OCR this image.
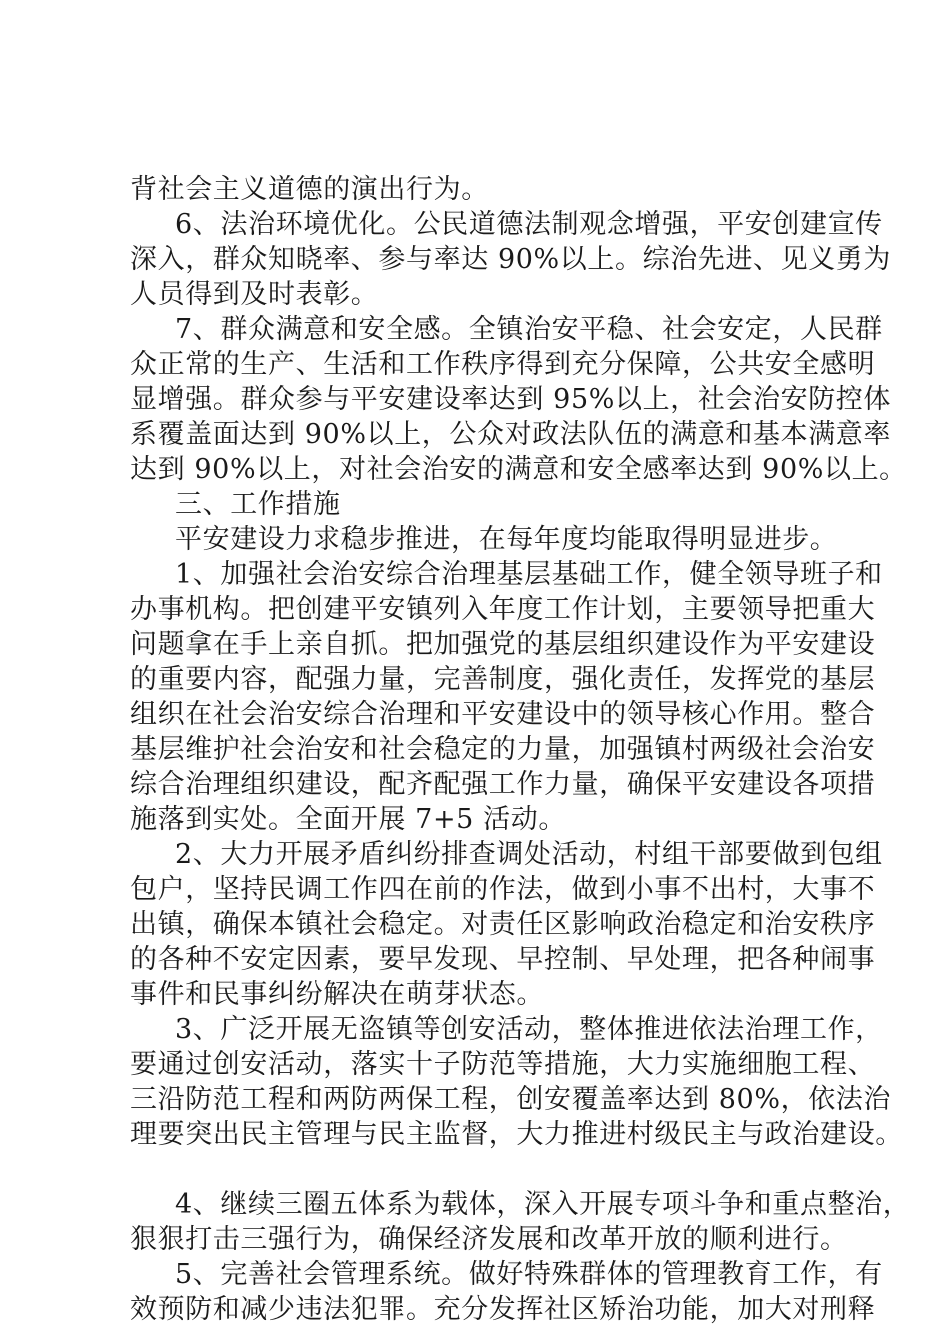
背社会主义道德的演出行为。
6、法治环境优化。公民道德法制观念增强，平安创建宣传
深入，群众知晓率、参与率达 90%以上。综治先进、见义勇为
人员得到及时表彰。
7、群众满意和安全感。全镇治安平稳、社会安定，人民群
众正常的生产、生活和工作秩序得到充分保障，公共安全感明
显增强。群众参与平安建设率达到 95%以上，社会治安防控体
系覆盖面达到 90%以上，公众对政法队伍的满意和基本满意率
达到 90%以上，对社会治安的满意和安全感率达到 90%以上。
三、工作措施
平安建设力求稳步推进，在每年度均能取得明显进步。
1、加强社会治安综合治理基层基础工作，健全领导班子和
办事机构。把创建平安镇列入年度工作计划，主要领导把重大
问题拿在手上亲自抓。把加强党的基层组织建设作为平安建设
的重要内容，配强力量，完善制度，强化责任，发挥党的基层
组织在社会治安综合治理和平安建设中的领导核心作用。整合
基层维护社会治安和社会稳定的力量，加强镇村两级社会治安
综合治理组织建设，配齐配强工作力量，确保平安建设各项措
施落到实处。全面开展 7+5 活动。
2、大力开展矛盾纠纷排查调处活动，村组干部要做到包组
包户，坚持民调工作四在前的作法，做到小事不出村，大事不
出镇，确保本镇社会稳定。对责任区影响政治稳定和治安秩序
的各种不安定因素，要早发现、早控制、早处理，把各种闹事
事件和民事纠纷解决在萌芽状态。
3、广泛开展无盗镇等创安活动，整体推进依法治理工作，
要通过创安活动，落实十子防范等措施，大力实施细胞工程、
三沿防范工程和两防两保工程，创安覆盖率达到 80%，依法治
理要突出民主管理与民主监督，大力推进村级民主与政治建设。
4、继续三圈五体系为载体，深入开展专项斗争和重点整治，
狠狠打击三强行为，确保经济发展和改革开放的顺利进行。
5、完善社会管理系统。做好特殊群体的管理教育工作，有
效预防和减少违法犯罪。充分发挥社区矫治功能，加大对刑释
